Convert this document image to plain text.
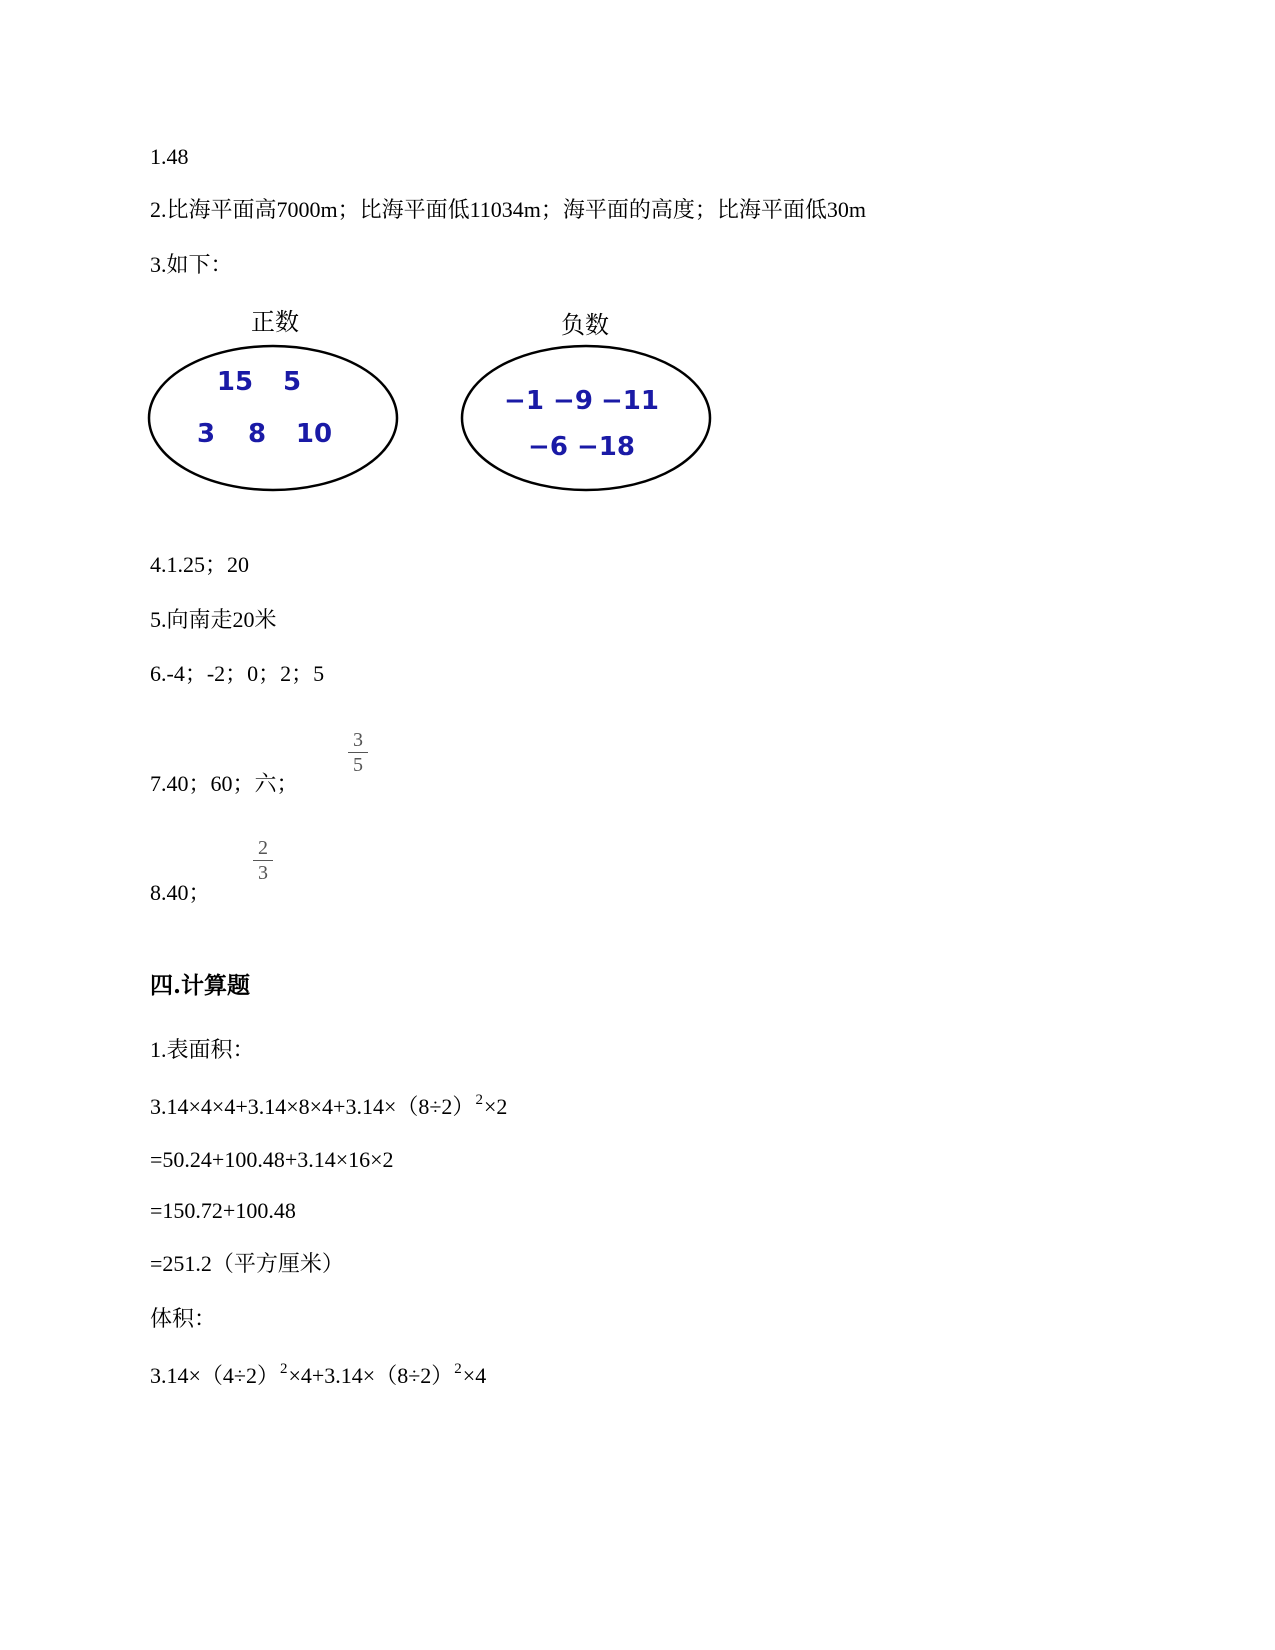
1.48
2.比海平面高7000m；比海平面低11034m；海平面的高度；比海平面低30m
3.如下：
正数
15 5
3 8 10
负数
−1 −9 −11
−6 −18
4.1.25；20
5.向南走20米
6.-4；-2；0；2；5
7.40；60；六；
3
5
8.40；
2
3
四.计算题
1.表面积：
$3.14\times 4\times 4+3.14\times 8\times 4+3.14\times(8\div 2)^2\times 2$
=50.24+100.48+3.14×16×2
=150.72+100.48
=251.2（平方厘米）
体积：
$3.14\times(4\div 2)^2\times 4+3.14\times(8\div 2)^2\times 4$
